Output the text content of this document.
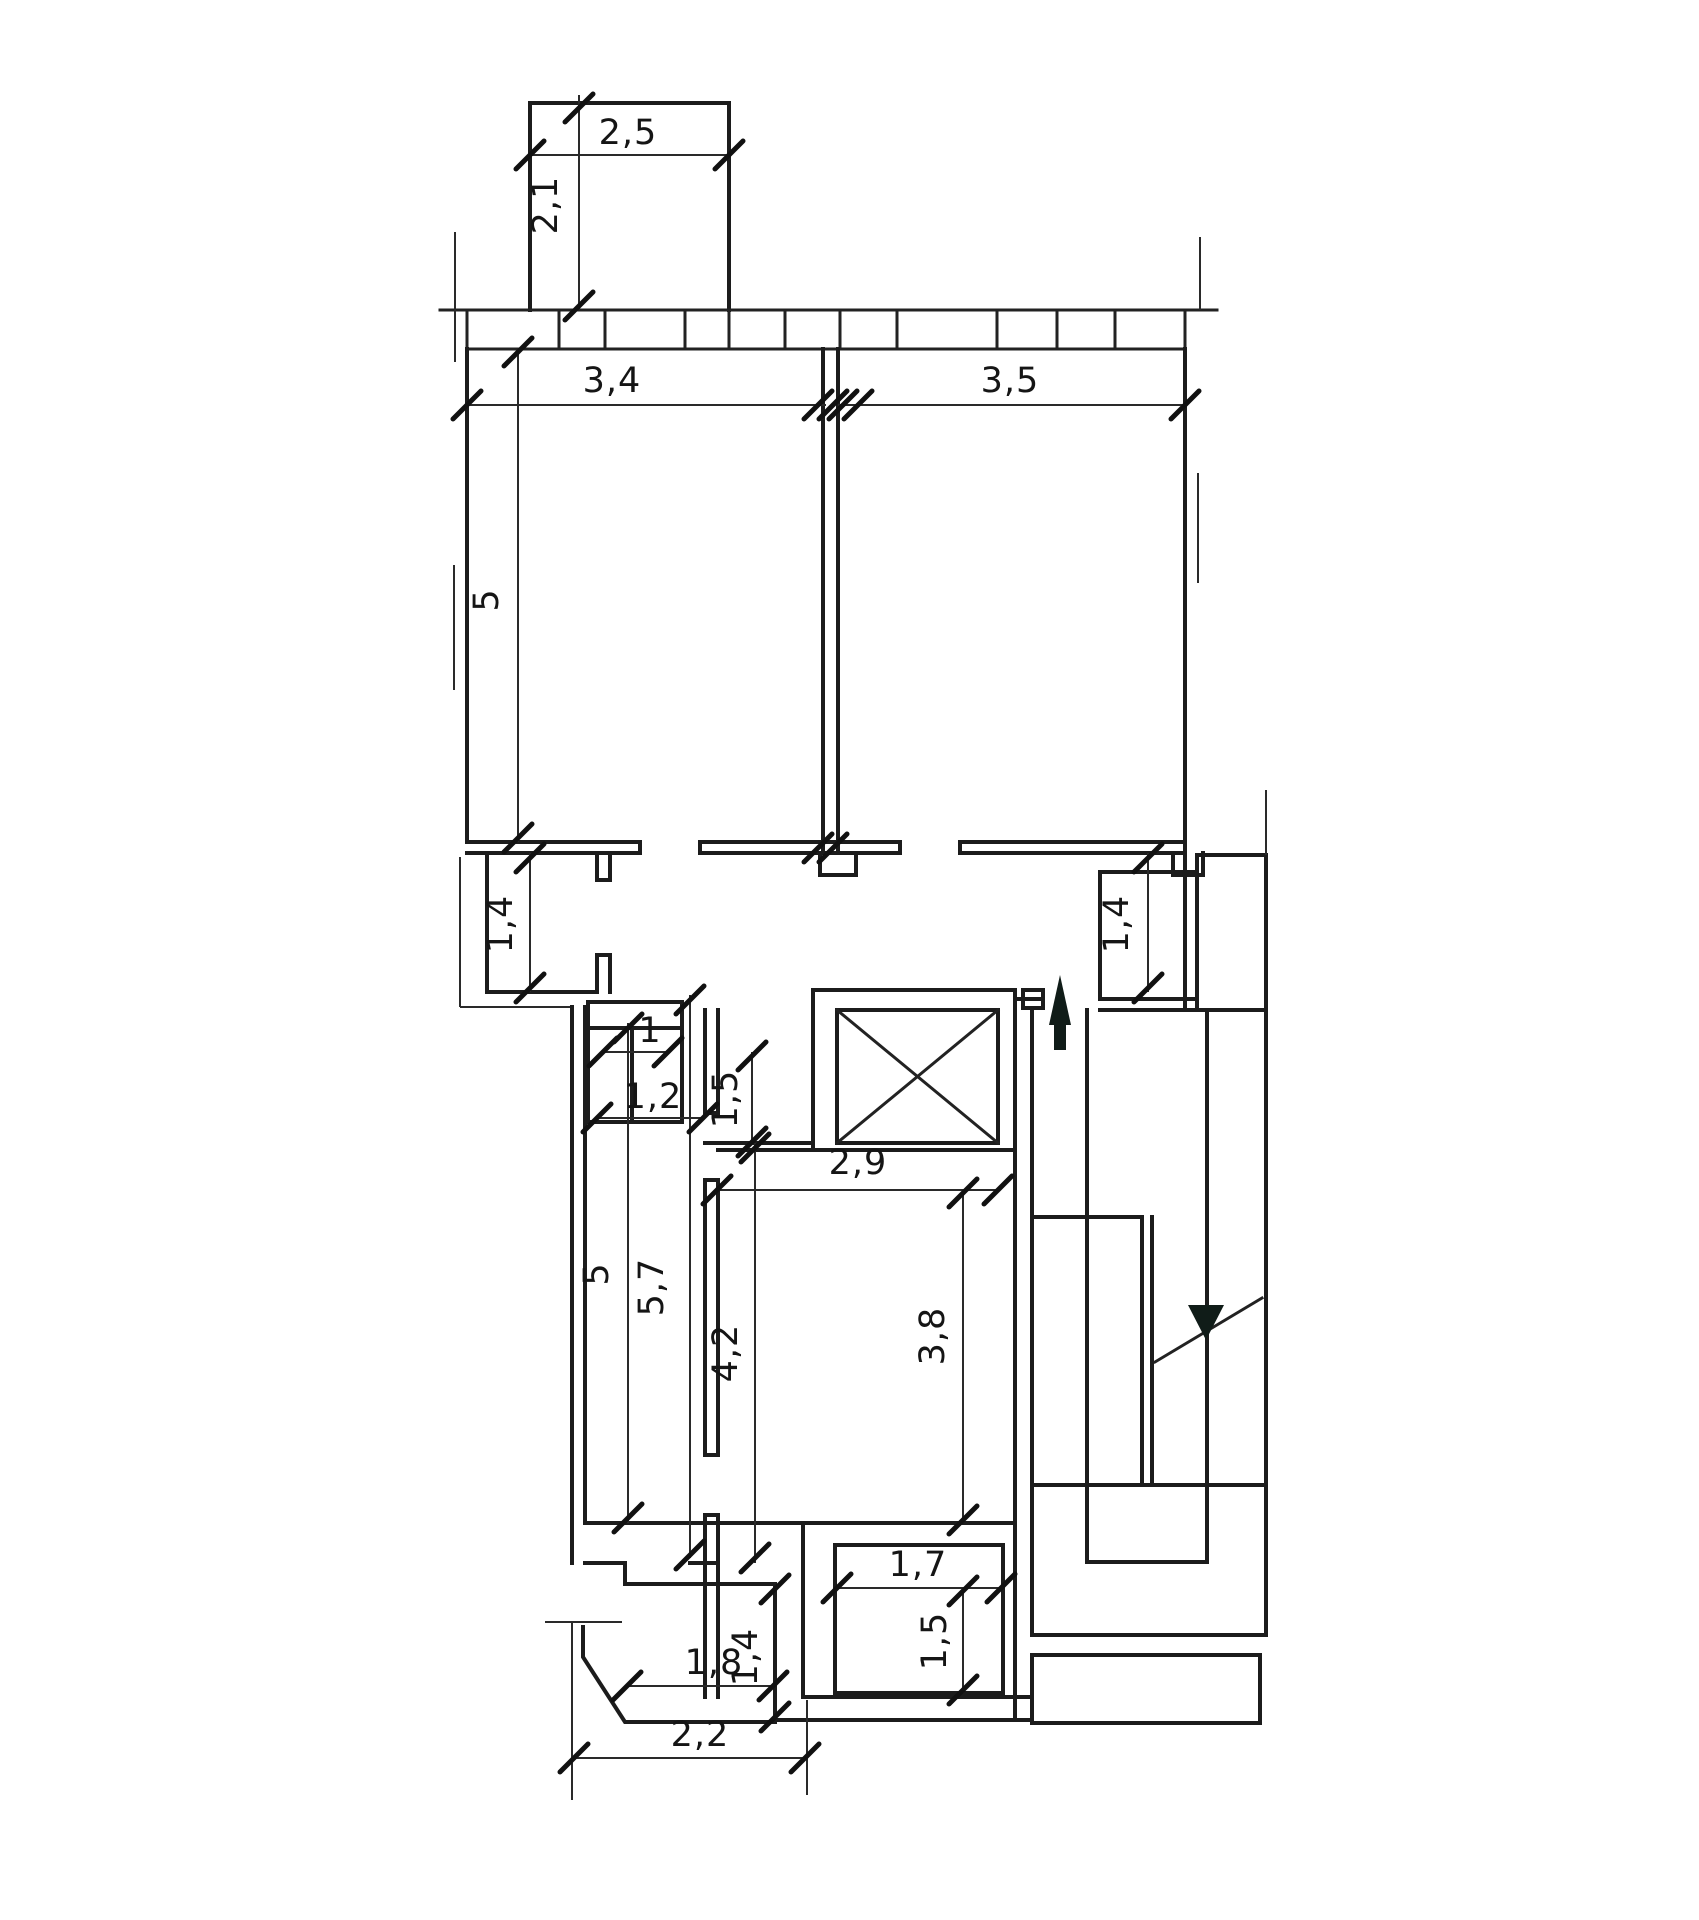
2,5
2,1
3,4	3,5
5
1,4	1,4
1
1,2 1,5
2,9
5 5,7
4,2	3,8
1,7
1,5
1,8
1,4
2,2
